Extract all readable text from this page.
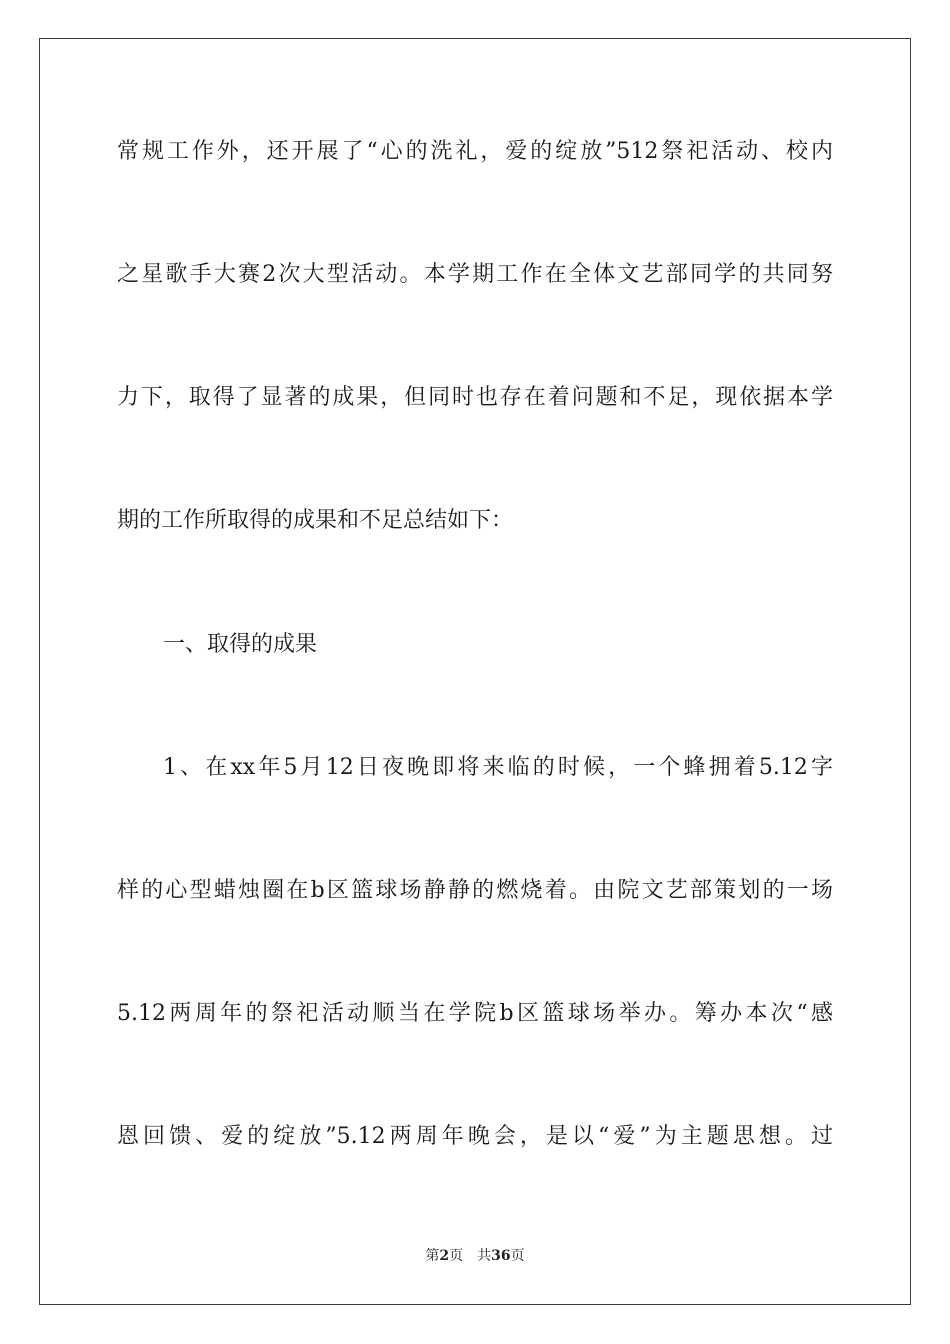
常规工作外，还开展了“心的洗礼，爱的绽放”512祭祀活动、校内
之星歌手大赛2次大型活动。本学期工作在全体文艺部同学的共同努
力下，取得了显著的成果，但同时也存在着问题和不足，现依据本学
期的工作所取得的成果和不足总结如下：
一、取得的成果
1、在xx年5月12日夜晚即将来临的时候，一个蜂拥着5.12字
样的心型蜡烛圈在b区篮球场静静的燃烧着。由院文艺部策划的一场
5.12两周年的祭祀活动顺当在学院b区篮球场举办。筹办本次“感
恩回馈、爱的绽放”5.12两周年晚会，是以“爱”为主题思想。过
第2页 共36页
